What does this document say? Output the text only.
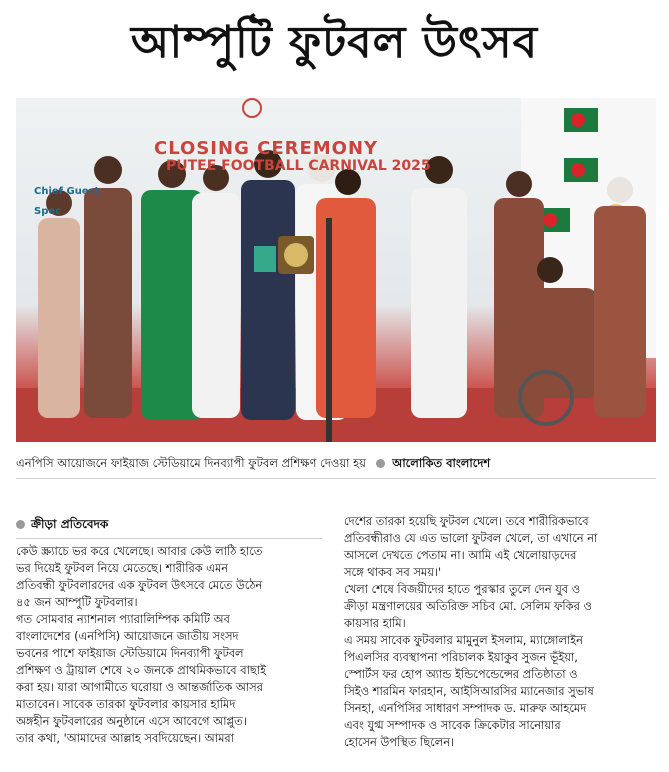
আম্পুটি ফুটবল উৎসব
CLOSING CEREMONY
PUTEE FOOTBALL CARNIVAL 2025
Chief Guest
Spec
এনপিসি আয়োজনে ফাইয়াজ স্টেডিয়ামে দিনব্যাপী ফুটবল প্রশিক্ষণ দেওয়া হয় আলোকিত বাংলাদেশ
ক্রীড়া প্রতিবেদক

কেউ স্ক্র্যাচে ভর করে খেলেছে। আবার কেউ লাঠি হাতে

ভর দিয়েই ফুটবল নিয়ে মেতেছে। শারীরিক এমন

প্রতিবন্ধী ফুটবলারদের এক ফুটবল উৎসবে মেতে উঠেন

৪৫ জন আম্পুটি ফুটবলার।

গত সোমবার ন্যাশনাল প্যারালিম্পিক কমিটি অব

বাংলাদেশের (এনপিসি) আয়োজনে জাতীয় সংসদ

ভবনের পাশে ফাইয়াজ স্টেডিয়ামে দিনব্যাপী ফুটবল

প্রশিক্ষণ ও ট্রায়াল শেষে ২০ জনকে প্রাথমিকভাবে বাছাই

করা হয়। যারা আগামীতে ঘরোয়া ও আন্তর্জাতিক আসর

মাতাবেন। সাবেক তারকা ফুটবলার কায়সার হামিদ

অঙ্গহীন ফুটবলারের অনুষ্ঠানে এসে আবেগে আপ্লুত।

তার কথা, 'আমাদের আল্লাহ সবদিয়েছেন। আমরা

দেশের তারকা হয়েছি ফুটবল খেলে। তবে শারীরিকভাবে

প্রতিবন্ধীরাও যে এত ভালো ফুটবল খেলে, তা এখানে না

আসলে দেখতে পেতাম না। আমি এই খেলোয়াড়দের

সঙ্গে থাকব সব সময়।'

খেলা শেষে বিজয়ীদের হাতে পুরস্কার তুলে দেন যুব ও

ক্রীড়া মন্ত্রণালয়ের অতিরিক্ত সচিব মো. সেলিম ফকির ও

কায়সার হামি।

এ সময় সাবেক ফুটবলার মামুনুল ইসলাম, ম্যাঙ্গোলাইন

পিএলসির ব্যবস্থাপনা পরিচালক ইয়াকুব সুজন ভূঁইয়া,

স্পোর্টস ফর হোপ অ্যান্ড ইন্ডিপেন্ডেন্সের প্রতিষ্ঠাতা ও

সিইও শারমিন ফারহান, আইসিআরসির ম্যানেজার সুভাষ

সিনহা, এনপিসির সাধারণ সম্পাদক ড. মারুফ আহমেদ

এবং যুগ্ম সম্পাদক ও সাবেক ক্রিকেটার সানোয়ার

হোসেন উপস্থিত ছিলেন।
